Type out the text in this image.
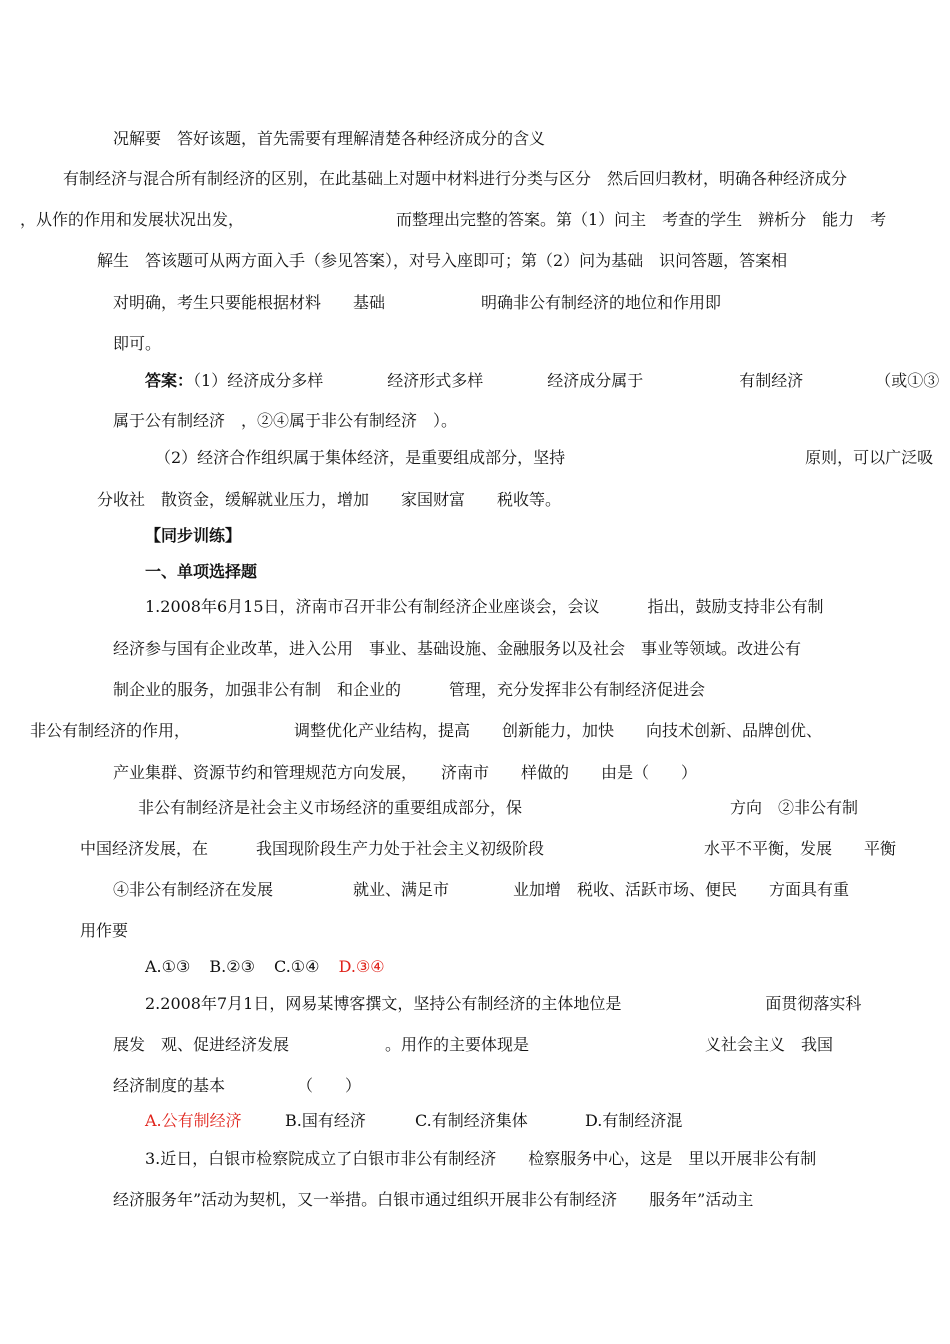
况解要　答好该题，首先需要有理解清楚各种经济成分的含义
有制经济与混合所有制经济的区别，在此基础上对题中材料进行分类与区分　然后回归教材，明确各种经济成分
，从作的作用和发展状况出发，　　　　　　　　　　而整理出完整的答案。第（1）问主　考查的学生　辨析分　能力　考
解生　答该题可从两方面入手（参见答案），对号入座即可；第（2）问为基础　识问答题，答案相
对明确，考生只要能根据材料　　基础　　　　　　明确非公有制经济的地位和作用即
即可。
答案：（1）经济成分多样　　　　经济形式多样　　　　经济成分属于　　　　　　有制经济　　　　　（或①③
属于公有制经济　，②④属于非公有制经济　）。
（2）经济合作组织属于集体经济，是重要组成部分，坚持　　　　　　　　　　　　　　　原则，可以广泛吸
分收社　散资金，缓解就业压力，增加　　家国财富　　税收等。
【同步训练】
一、单项选择题
1.2008年6月15日，济南市召开非公有制经济企业座谈会，会议　　　指出，鼓励支持非公有制
经济参与国有企业改革，进入公用　事业、基础设施、金融服务以及社会　事业等领域。改进公有
制企业的服务，加强非公有制　和企业的　　　管理，充分发挥非公有制经济促进会
非公有制经济的作用，　　　　　　　调整优化产业结构，提高　　创新能力，加快　　向技术创新、品牌创优、
产业集群、资源节约和管理规范方向发展，　　济南市　　样做的　　由是（　　）
非公有制经济是社会主义市场经济的重要组成部分，保　　　　　　　　　　　　　方向　②非公有制
中国经济发展，在　　　我国现阶段生产力处于社会主义初级阶段　　　　　　　　　　水平不平衡，发展　　平衡
④非公有制经济在发展　　　　　就业、满足市　　　　业加增　税收、活跃市场、便民　　方面具有重
用作要
A.①③ B.②③ C.①④ D.③④
2.2008年7月1日，网易某博客撰文，坚持公有制经济的主体地位是　　　　　　　　　面贯彻落实科
展发　观、促进经济发展　　　　　　。用作的主要体现是　　　　　　　　　　　义社会主义　我国
经济制度的基本　　　　　（　　）
A.公有制经济	B.国有经济	C.有制经济集体	D.有制经济混
3.近日，白银市检察院成立了白银市非公有制经济　　检察服务中心，这是　里以开展非公有制
经济服务年”活动为契机，又一举措。白银市通过组织开展非公有制经济　　服务年”活动主
